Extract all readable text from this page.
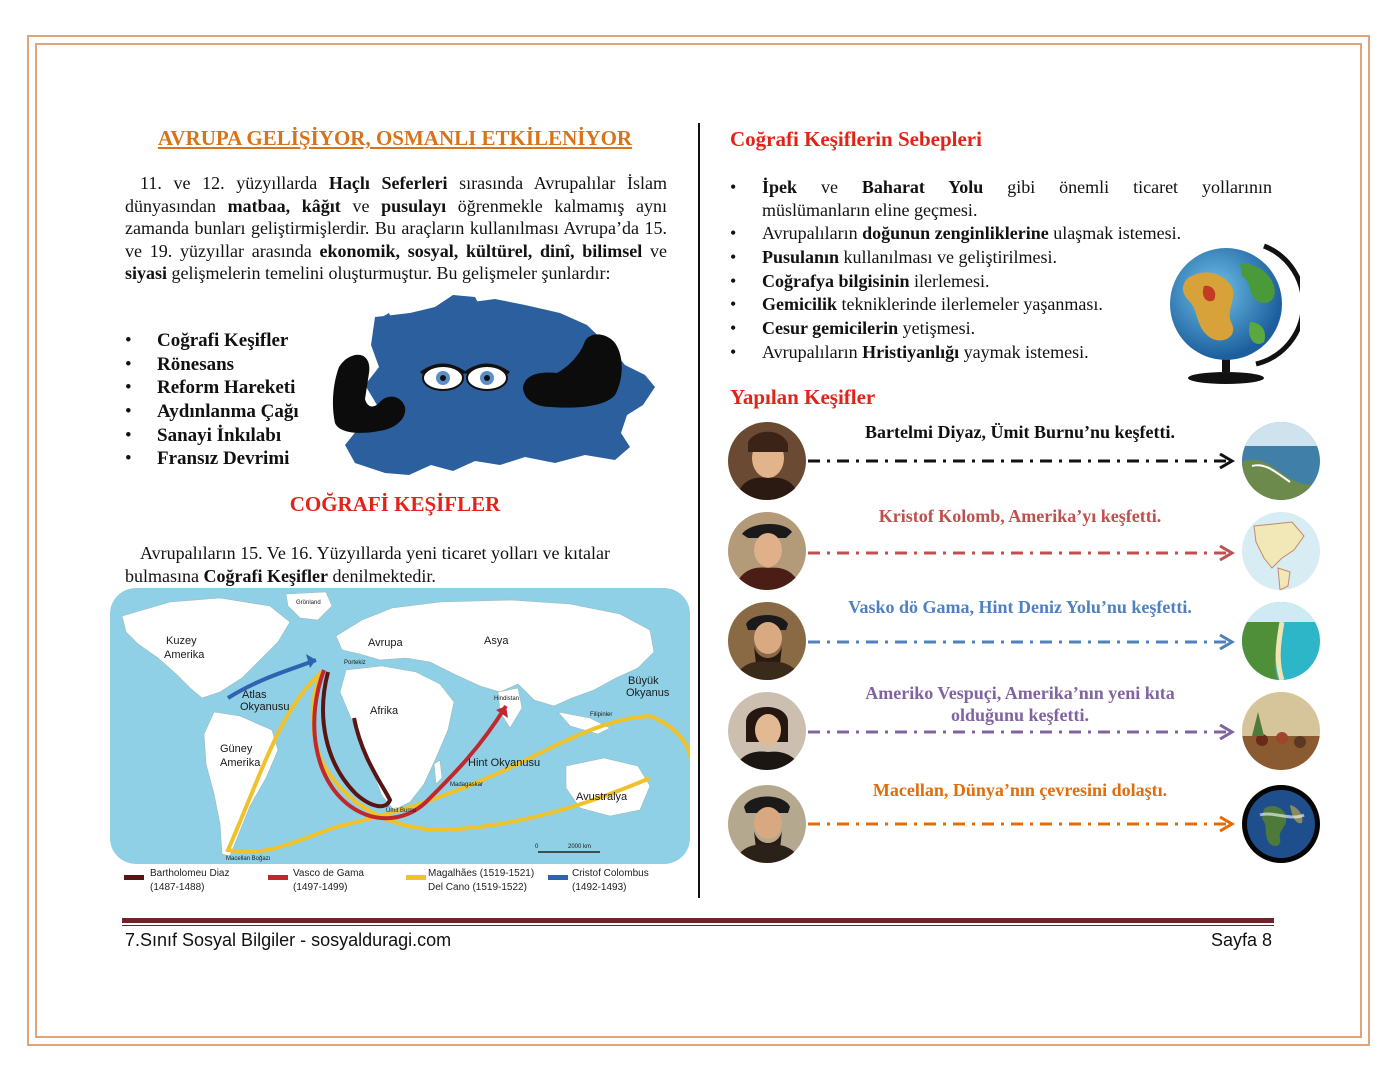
AVRUPA GELİŞİYOR, OSMANLI ETKİLENİYOR

11. ve 12. yüzyıllarda Haçlı Seferleri sırasında Avrupalılar İslam dünyasından matbaa, kâğıt ve pusulayı öğrenmekle kalmamış aynı zamanda bunları geliştirmişlerdir. Bu araçların kullanılması Avrupa’da 15. ve 19. yüzyıllar arasında ekonomik, sosyal, kültürel, dinî, bilimsel ve siyasi gelişmelerin temelini oluşturmuştur. Bu gelişmeler şunlardır:

• Coğrafi Keşifler
• Rönesans
• Reform Hareketi
• Aydınlanma Çağı
• Sanayi İnkılabı
• Fransız Devrimi
COĞRAFİ KEŞİFLER

Avrupalıların 15. Ve 16. Yüzyıllarda yeni ticaret yolları ve kıtalar bulmasına Coğrafi Keşifler denilmektedir.

Kuzey
Amerika
Grönland
Avrupa	Asya
Atlas
Okyanusu
Büyük
Okyanus
Afrika
Hindistan
Portekiz
Filipinler
Güney
Amerika	Hint Okyanusu
Madagaskar
Ümit Burnu
Avustralya
Macellan Boğazı
0	2000 km
Bartholomeu Diaz
(1487-1488)
Vasco de Gama
(1497-1499)
Magalhães (1519-1521)
Del Cano (1519-1522)
Cristof Colombus
(1492-1493)
Coğrafi Keşiflerin Sebepleri
• İpek ve Baharat Yolu gibi önemli ticaret yollarının
müslümanların eline geçmesi.
• Avrupalıların doğunun zenginliklerine ulaşmak istemesi.
• Pusulanın kullanılması ve geliştirilmesi.
• Coğrafya bilgisinin ilerlemesi.
• Gemicilik tekniklerinde ilerlemeler yaşanması.
• Cesur gemicilerin yetişmesi.
• Avrupalıların Hristiyanlığı yaymak istemesi.
Yapılan Keşifler
Bartelmi Diyaz, Ümit Burnu’nu keşfetti.
Kristof Kolomb, Amerika’yı keşfetti.
Vasko dö Gama, Hint Deniz Yolu’nu keşfetti.
Ameriko Vespuçi, Amerika’nın yeni kıta
olduğunu keşfetti.
Macellan, Dünya’nın çevresini dolaştı.
7.Sınıf Sosyal Bilgiler - sosyalduragi.com	Sayfa 8
